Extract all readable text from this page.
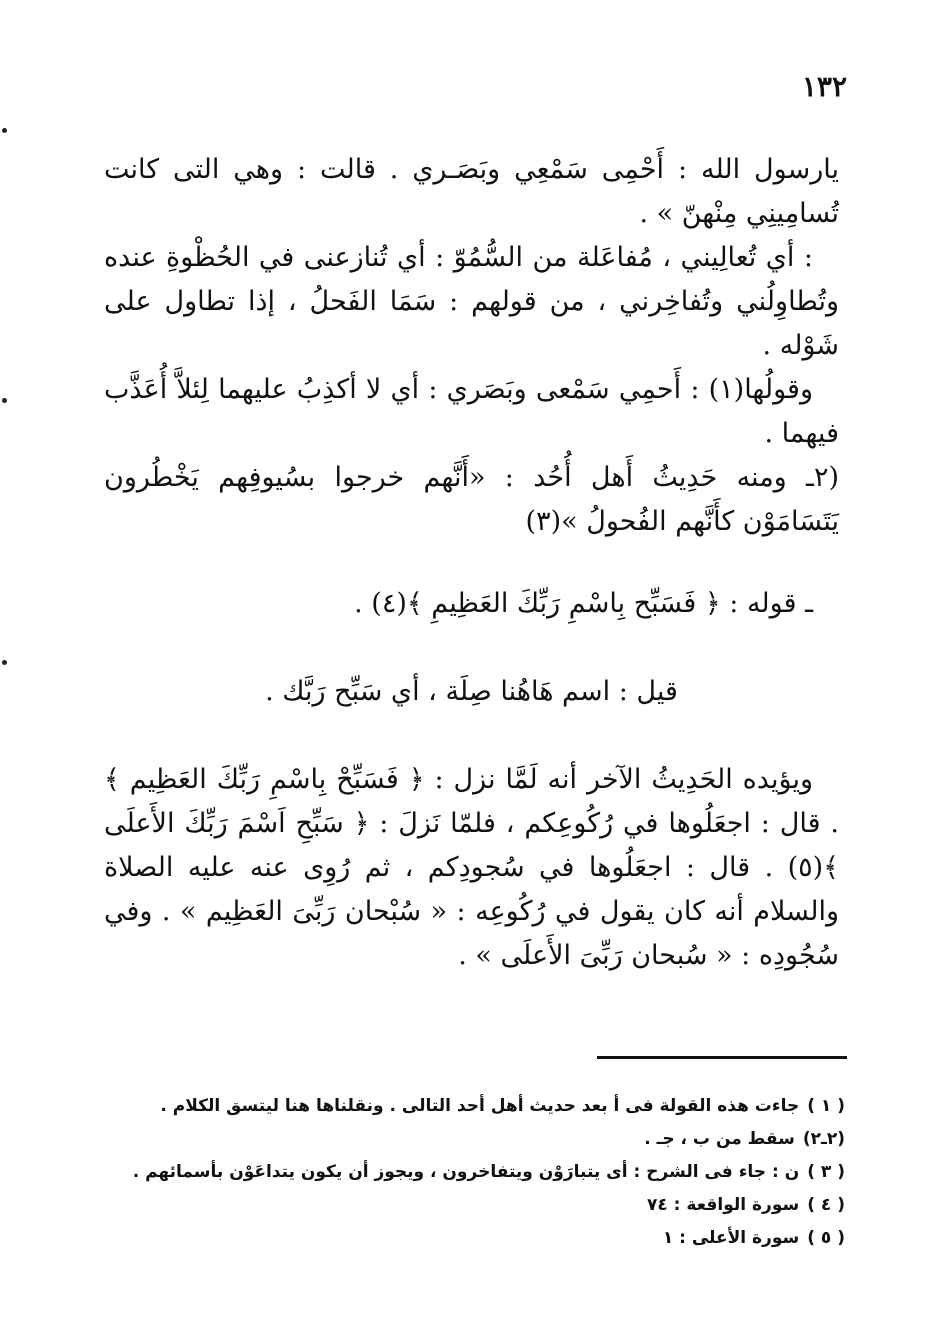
١٣٢

يارسول الله : أَحْمِى سَمْعِي وبَصَـري . قالت : وهي التى كانت تُسامِينِي مِنْهنّ » .

: أي تُعالِيني ، مُفاعَلة من السُّمُوّ : أي تُنازعنى في الحُظْوةِ عنده وتُطاوِلُني وتُفاخِرني ، من قولهم : سَمَا الفَحلُ ، إذا تطاول على شَوْله .

وقولُها(١) : أَحمِي سَمْعى وبَصَري : أي لا أكذِبُ عليهما لِئلاَّ أُعَذَّب فيهما .

(٢ـ ومنه حَدِيثُ أَهل أُحُد : «أَنَّهم خرجوا بسُيوفِهم يَخْطُرون يَتَسَامَوْن كأَنَّهم الفُحولُ »(٣)

ـ قوله : ﴿ فَسَبِّح بِاسْمِ رَبِّكَ العَظِيمِ ﴾(٤) .

قيل : اسم هَاهُنا صِلَة ، أي سَبِّح رَبَّك .

ويؤيده الحَدِيثُ الآخر أنه لَمَّا نزل : ﴿ فَسَبِّحْ بِاسْمِ رَبِّكَ العَظِيم ﴾ . قال : اجعَلُوها في رُكُوعِكم ، فلمّا نَزلَ : ﴿ سَبِّحِ اَسْمَ رَبِّكَ الأَعلَى ﴾(٥) . قال : اجعَلُوها في سُجودِكم ، ثم رُوِى عنه عليه الصلاة والسلام أنه كان يقول في رُكُوعِه : « سُبْحان رَبِّىَ العَظِيم » . وفي سُجُودِه : « سُبحان رَبِّىَ الأَعلَى » .

( ١ )جاءت هذه القولة فى أ بعد حديث أهل أحد التالى . ونقلناها هنا ليتسق الكلام .

(٢ـ٢)سقط من ب ، جـ .

( ٣ )ن : جاء فى الشرح : أى يتبارَوْن ويتفاخرون ، ويجوز أن يكون يتداعَوْن بأسمائهم .

( ٤ )سورة الواقعة : ٧٤

( ٥ )سورة الأعلى : ١
